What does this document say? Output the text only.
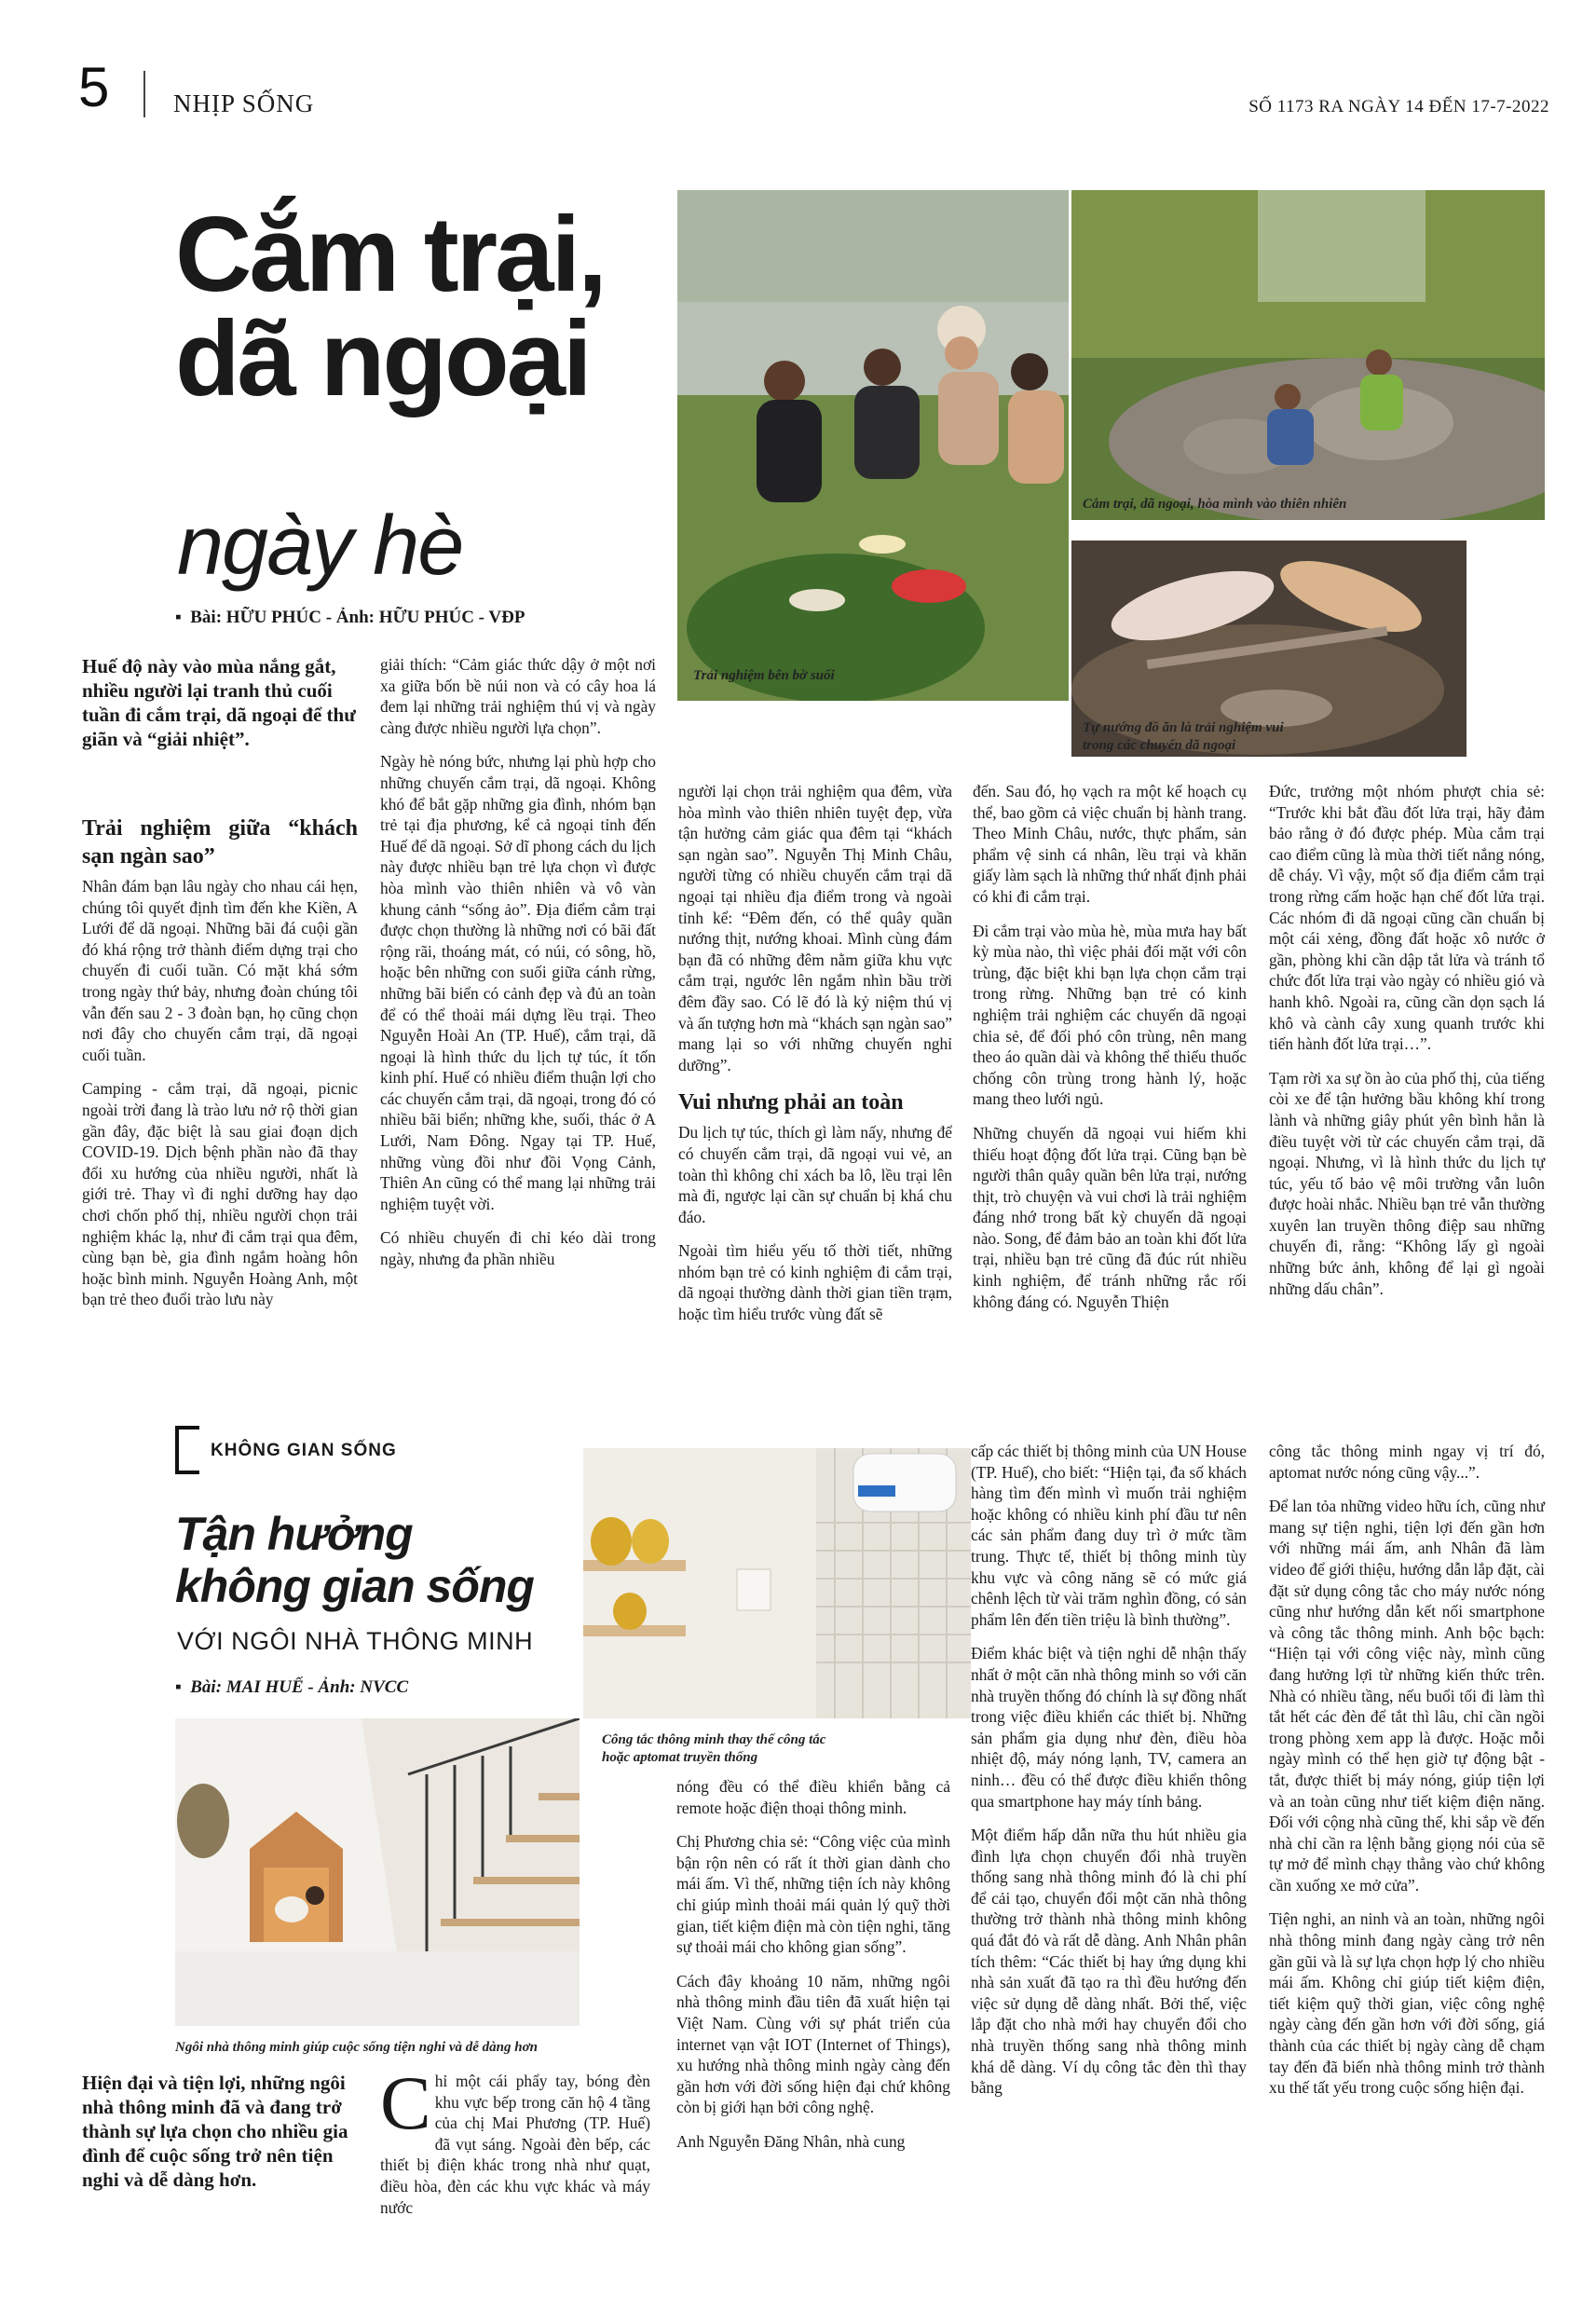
5	NHỊP SỐNG	SỐ 1173 RA NGÀY 14 ĐẾN 17-7-2022
Cắm trại,
dã ngoại
ngày hè
▪  Bài: HỮU PHÚC - Ảnh: HỮU PHÚC - VĐP
Trải nghiệm bên bờ suối
Cắm trại, dã ngoại, hòa mình vào thiên nhiên
Tự nướng đồ ăn là trải nghiệm vui
trong các chuyến dã ngoại
Huế độ này vào mùa nắng gắt, nhiều người lại tranh thủ cuối tuần đi cắm trại, dã ngoại để thư giãn và “giải nhiệt”.
Trải nghiệm giữa “khách sạn ngàn sao”

Nhân đám bạn lâu ngày cho nhau cái hẹn, chúng tôi quyết định tìm đến khe Kiền, A Lưới để dã ngoại. Những bãi đá cuội gần đó khá rộng trở thành điểm dựng trại cho chuyến đi cuối tuần. Có mặt khá sớm trong ngày thứ bảy, nhưng đoàn chúng tôi vẫn đến sau 2 - 3 đoàn bạn, họ cũng chọn nơi đây cho chuyến cắm trại, dã ngoại cuối tuần.

Camping - cắm trại, dã ngoại, picnic ngoài trời đang là trào lưu nở rộ thời gian gần đây, đặc biệt là sau giai đoạn dịch COVID-19. Dịch bệnh phần nào đã thay đổi xu hướng của nhiều người, nhất là giới trẻ. Thay vì đi nghỉ dưỡng hay dạo chơi chốn phố thị, nhiều người chọn trải nghiệm khác lạ, như đi cắm trại qua đêm, cùng bạn bè, gia đình ngắm hoàng hôn hoặc bình minh. Nguyễn Hoàng Anh, một bạn trẻ theo đuổi trào lưu này

giải thích: “Cảm giác thức dậy ở một nơi xa giữa bốn bề núi non và có cây hoa lá đem lại những trải nghiệm thú vị và ngày càng được nhiều người lựa chọn”.

Ngày hè nóng bức, nhưng lại phù hợp cho những chuyến cắm trại, dã ngoại. Không khó để bắt gặp những gia đình, nhóm bạn trẻ tại địa phương, kể cả ngoại tỉnh đến Huế để dã ngoại. Sở dĩ phong cách du lịch này được nhiều bạn trẻ lựa chọn vì được hòa mình vào thiên nhiên và vô vàn khung cảnh “sống ảo”. Địa điểm cắm trại được chọn thường là những nơi có bãi đất rộng rãi, thoáng mát, có núi, có sông, hồ, hoặc bên những con suối giữa cánh rừng, những bãi biển có cảnh đẹp và đủ an toàn để có thể thoải mái dựng lều trại. Theo Nguyễn Hoài An (TP. Huế), cắm trại, dã ngoại là hình thức du lịch tự túc, ít tốn kinh phí. Huế có nhiều điểm thuận lợi cho các chuyến cắm trại, dã ngoại, trong đó có nhiều bãi biển; những khe, suối, thác ở A Lưới, Nam Đông. Ngay tại TP. Huế, những vùng đồi như đồi Vọng Cảnh, Thiên An cũng có thể mang lại những trải nghiệm tuyệt vời.

Có nhiều chuyến đi chỉ kéo dài trong ngày, nhưng đa phần nhiều

người lại chọn trải nghiệm qua đêm, vừa hòa mình vào thiên nhiên tuyệt đẹp, vừa tận hưởng cảm giác qua đêm tại “khách sạn ngàn sao”. Nguyễn Thị Minh Châu, người từng có nhiều chuyến cắm trại dã ngoại tại nhiều địa điểm trong và ngoài tỉnh kể: “Đêm đến, có thể quây quần nướng thịt, nướng khoai. Mình cùng đám bạn đã có những đêm nằm giữa khu vực cắm trại, ngước lên ngắm nhìn bầu trời đêm đầy sao. Có lẽ đó là kỷ niệm thú vị và ấn tượng hơn mà “khách sạn ngàn sao” mang lại so với những chuyến nghỉ dưỡng”.

Vui nhưng phải an toàn

Du lịch tự túc, thích gì làm nấy, nhưng để có chuyến cắm trại, dã ngoại vui vẻ, an toàn thì không chỉ xách ba lô, lều trại lên mà đi, ngược lại cần sự chuẩn bị khá chu đáo.

Ngoài tìm hiểu yếu tố thời tiết, những nhóm bạn trẻ có kinh nghiệm đi cắm trại, dã ngoại thường dành thời gian tiền trạm, hoặc tìm hiểu trước vùng đất sẽ

đến. Sau đó, họ vạch ra một kế hoạch cụ thể, bao gồm cả việc chuẩn bị hành trang. Theo Minh Châu, nước, thực phẩm, sản phẩm vệ sinh cá nhân, lều trại và khăn giấy làm sạch là những thứ nhất định phải có khi đi cắm trại.

Đi cắm trại vào mùa hè, mùa mưa hay bất kỳ mùa nào, thì việc phải đối mặt với côn trùng, đặc biệt khi bạn lựa chọn cắm trại trong rừng. Những bạn trẻ có kinh nghiệm trải nghiệm các chuyến dã ngoại chia sẻ, để đối phó côn trùng, nên mang theo áo quần dài và không thể thiếu thuốc chống côn trùng trong hành lý, hoặc mang theo lưới ngủ.

Những chuyến dã ngoại vui hiếm khi thiếu hoạt động đốt lửa trại. Cũng bạn bè người thân quây quần bên lửa trại, nướng thịt, trò chuyện và vui chơi là trải nghiệm đáng nhớ trong bất kỳ chuyến dã ngoại nào. Song, để đảm bảo an toàn khi đốt lửa trại, nhiều bạn trẻ cũng đã đúc rút nhiều kinh nghiệm, để tránh những rắc rối không đáng có. Nguyễn Thiện

Đức, trưởng một nhóm phượt chia sẻ: “Trước khi bắt đầu đốt lửa trại, hãy đảm bảo rằng ở đó được phép. Mùa cắm trại cao điểm cũng là mùa thời tiết nắng nóng, dễ cháy. Vì vậy, một số địa điểm cắm trại trong rừng cấm hoặc hạn chế đốt lửa trại. Các nhóm đi dã ngoại cũng cần chuẩn bị một cái xẻng, đồng đất hoặc xô nước ở gần, phòng khi cần dập tắt lửa và tránh tổ chức đốt lửa trại vào ngày có nhiều gió và hanh khô. Ngoài ra, cũng cần dọn sạch lá khô và cành cây xung quanh trước khi tiến hành đốt lửa trại…”.

Tạm rời xa sự ồn ào của phố thị, của tiếng còi xe để tận hưởng bầu không khí trong lành và những giây phút yên bình hẳn là điều tuyệt vời từ các chuyến cắm trại, dã ngoại. Nhưng, vì là hình thức du lịch tự túc, yếu tố bảo vệ môi trường vẫn luôn được hoài nhắc. Nhiều bạn trẻ vẫn thường xuyên lan truyền thông điệp sau những chuyến đi, rằng: “Không lấy gì ngoài những bức ảnh, không để lại gì ngoài những dấu chân”.

KHÔNG GIAN SỐNG
Tận hưởng
không gian sống
VỚI NGÔI NHÀ THÔNG MINH
▪  Bài: MAI HUẾ - Ảnh: NVCC
Công tắc thông minh thay thế công tắc
hoặc aptomat truyền thống
Ngôi nhà thông minh giúp cuộc sống tiện nghi và dễ dàng hơn
Hiện đại và tiện lợi, những ngôi nhà thông minh đã và đang trở thành sự lựa chọn cho nhiều gia đình để cuộc sống trở nên tiện nghi và dễ dàng hơn.
C hỉ một cái phẩy tay, bóng đèn khu vực bếp trong căn hộ 4 tầng của chị Mai Phương (TP. Huế) đã vụt sáng. Ngoài đèn bếp, các thiết bị điện khác trong nhà như quạt, điều hòa, đèn các khu vực khác và máy nước

nóng đều có thể điều khiển bằng cả remote hoặc điện thoại thông minh.

Chị Phương chia sẻ: “Công việc của mình bận rộn nên có rất ít thời gian dành cho mái ấm. Vì thế, những tiện ích này không chỉ giúp mình thoải mái quản lý quỹ thời gian, tiết kiệm điện mà còn tiện nghi, tăng sự thoải mái cho không gian sống”.

Cách đây khoảng 10 năm, những ngôi nhà thông minh đầu tiên đã xuất hiện tại Việt Nam. Cùng với sự phát triển của internet vạn vật IOT (Internet of Things), xu hướng nhà thông minh ngày càng đến gần hơn với đời sống hiện đại chứ không còn bị giới hạn bởi công nghệ.

Anh Nguyễn Đăng Nhân, nhà cung

cấp các thiết bị thông minh của UN House (TP. Huế), cho biết: “Hiện tại, đa số khách hàng tìm đến mình vì muốn trải nghiệm hoặc không có nhiều kinh phí đầu tư nên các sản phẩm đang duy trì ở mức tầm trung. Thực tế, thiết bị thông minh tùy khu vực và công năng sẽ có mức giá chênh lệch từ vài trăm nghìn đồng, có sản phẩm lên đến tiền triệu là bình thường”.

Điểm khác biệt và tiện nghi dễ nhận thấy nhất ở một căn nhà thông minh so với căn nhà truyền thống đó chính là sự đồng nhất trong việc điều khiển các thiết bị. Những sản phẩm gia dụng như đèn, điều hòa nhiệt độ, máy nóng lạnh, TV, camera an ninh… đều có thể được điều khiển thông qua smartphone hay máy tính bảng.

Một điểm hấp dẫn nữa thu hút nhiều gia đình lựa chọn chuyển đổi nhà truyền thống sang nhà thông minh đó là chi phí để cải tạo, chuyển đổi một căn nhà thông thường trở thành nhà thông minh không quá đắt đỏ và rất dễ dàng. Anh Nhân phân tích thêm: “Các thiết bị hay ứng dụng khi nhà sản xuất đã tạo ra thì đều hướng đến việc sử dụng dễ dàng nhất. Bởi thế, việc lắp đặt cho nhà mới hay chuyển đổi cho nhà truyền thống sang nhà thông minh khá dễ dàng. Ví dụ công tắc đèn thì thay bằng

công tắc thông minh ngay vị trí đó, aptomat nước nóng cũng vậy...”.

Để lan tỏa những video hữu ích, cũng như mang sự tiện nghi, tiện lợi đến gần hơn với những mái ấm, anh Nhân đã làm video để giới thiệu, hướng dẫn lắp đặt, cài đặt sử dụng công tắc cho máy nước nóng cũng như hướng dẫn kết nối smartphone và công tắc thông minh. Anh bộc bạch: “Hiện tại với công việc này, mình cũng đang hưởng lợi từ những kiến thức trên. Nhà có nhiều tầng, nếu buổi tối đi làm thì tắt hết các đèn để tắt thì lâu, chỉ cần ngồi trong phòng xem app là được. Hoặc mỗi ngày mình có thể hẹn giờ tự động bật - tắt, được thiết bị máy nóng, giúp tiện lợi và an toàn cũng như tiết kiệm điện năng. Đối với cộng nhà cũng thế, khi sắp về đến nhà chỉ cần ra lệnh bằng giọng nói của sẽ tự mở để mình chạy thẳng vào chứ không cần xuống xe mở cửa”.

Tiện nghi, an ninh và an toàn, những ngôi nhà thông minh đang ngày càng trở nên gần gũi và là sự lựa chọn hợp lý cho nhiều mái ấm. Không chỉ giúp tiết kiệm điện, tiết kiệm quỹ thời gian, việc công nghệ ngày càng đến gần hơn với đời sống, giá thành của các thiết bị ngày càng dễ chạm tay đến đã biến nhà thông minh trở thành xu thế tất yếu trong cuộc sống hiện đại.
